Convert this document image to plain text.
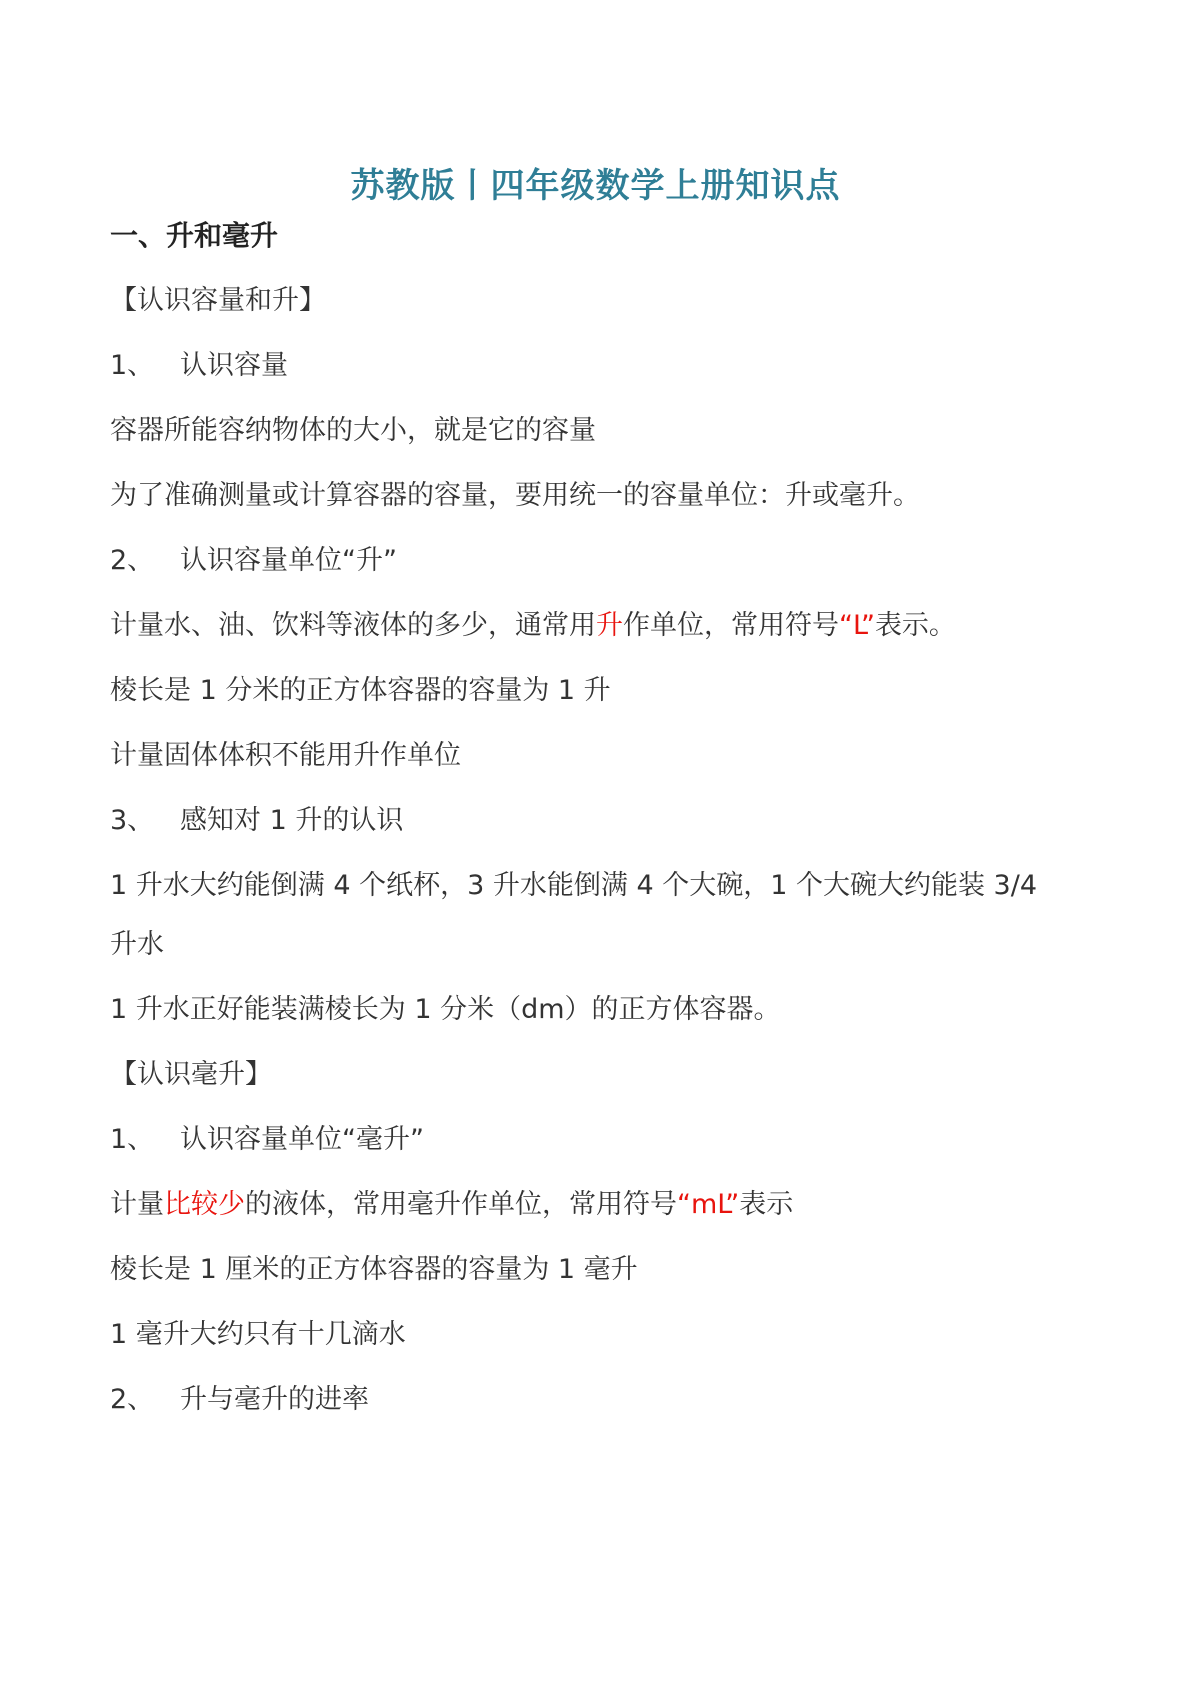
苏教版丨四年级数学上册知识点
一、升和毫升
【认识容量和升】
1、 认识容量
容器所能容纳物体的大小，就是它的容量
为了准确测量或计算容器的容量，要用统一的容量单位：升或毫升。
2、 认识容量单位“升”
计量水、油、饮料等液体的多少，通常用升作单位，常用符号“L”表示。
棱长是 1 分米的正方体容器的容量为 1 升
计量固体体积不能用升作单位
3、 感知对 1 升的认识
1 升水大约能倒满 4 个纸杯，3 升水能倒满 4 个大碗，1 个大碗大约能装 3/4
升水
1 升水正好能装满棱长为 1 分米（dm）的正方体容器。
【认识毫升】
1、 认识容量单位“毫升”
计量比较少的液体，常用毫升作单位，常用符号“mL”表示
棱长是 1 厘米的正方体容器的容量为 1 毫升
1 毫升大约只有十几滴水
2、 升与毫升的进率
